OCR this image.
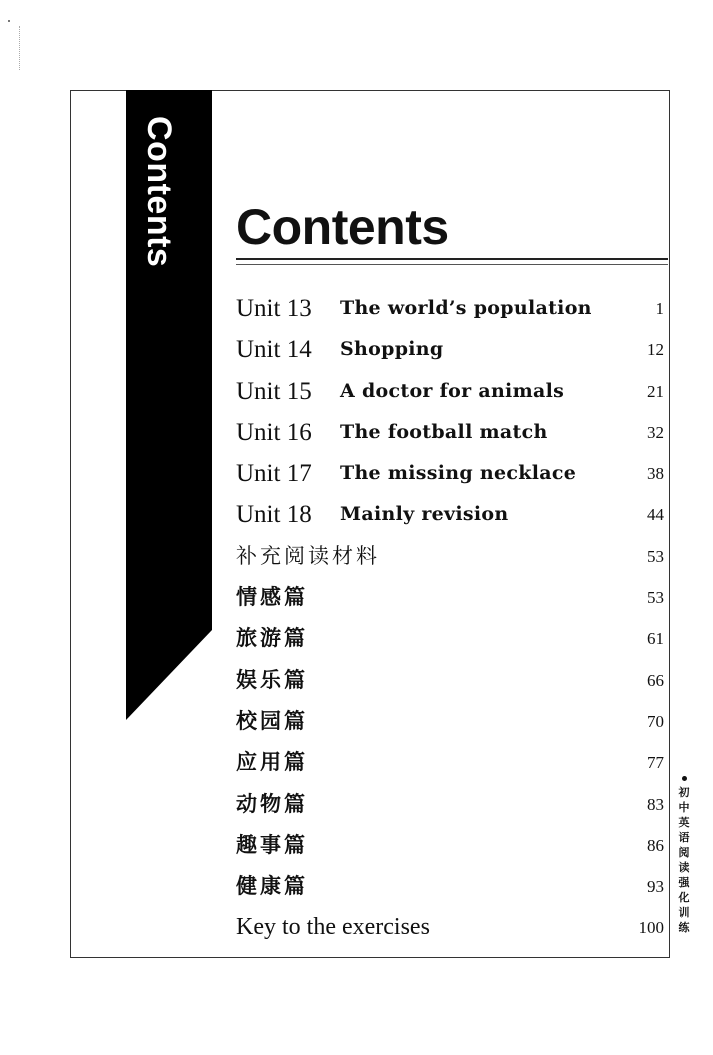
Contents Contents
Unit 13 The world’s population	1
Unit 14 Shopping	12
Unit 15 A doctor for animals	21
Unit 16 The football match	32
Unit 17 The missing necklace	38
Unit 18 Mainly revision	44
补充阅读材料	53
情感篇	53
旅游篇	61
娱乐篇	66
校园篇	70
应用篇	77
动物篇	83
趣事篇	86
健康篇	93
Key to the exercises	100
初
中
英
语
阅
读
强
化
训
练
